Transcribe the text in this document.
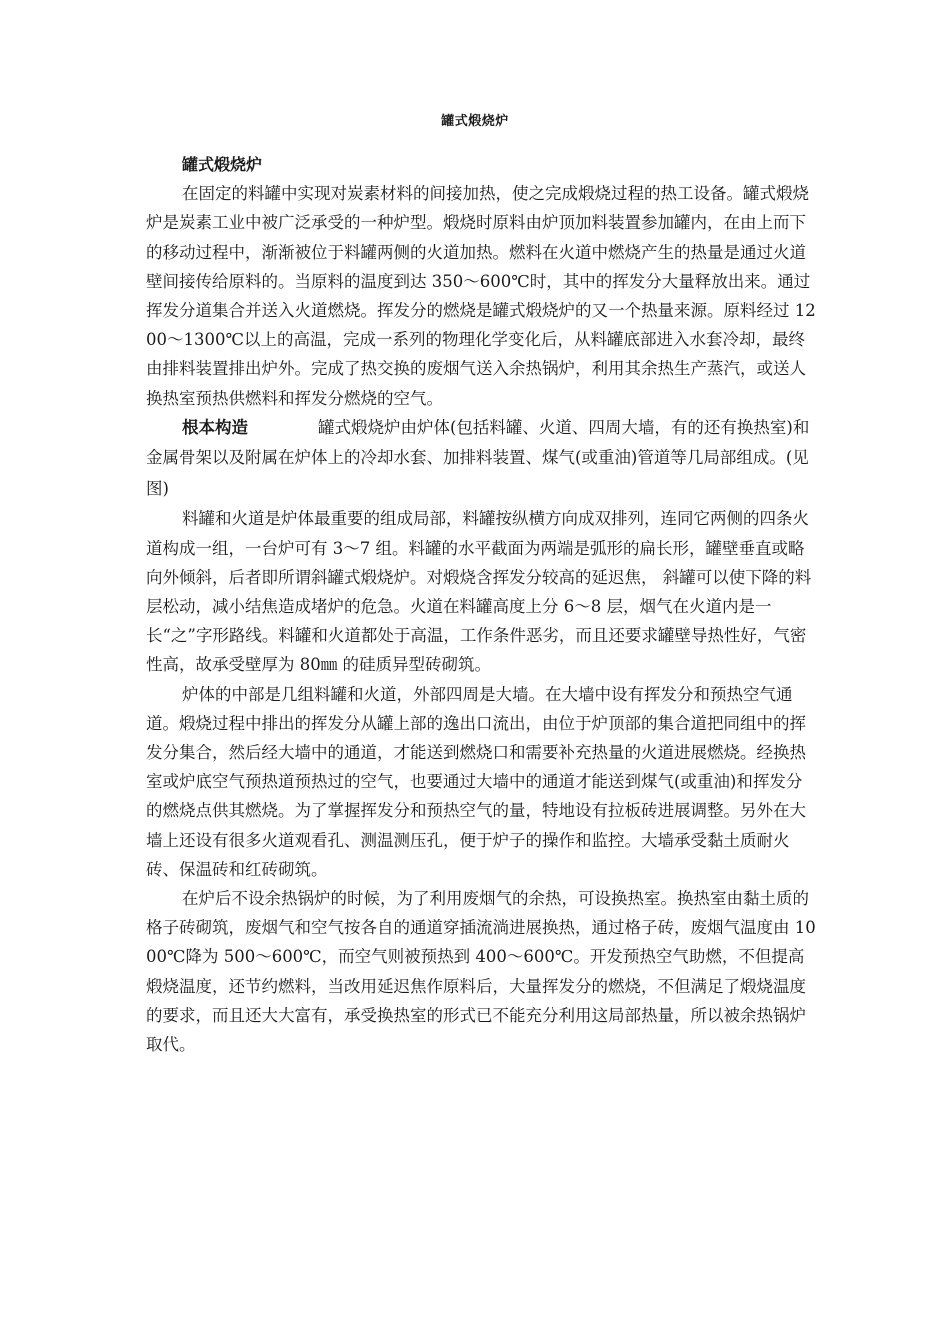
罐式煅烧炉

罐式煅烧炉

在固定的料罐中实现对炭素材料的间接加热，使之完成煅烧过程的热工设备。罐式煅烧炉是炭素工业中被广泛承受的一种炉型。煅烧时原料由炉顶加料装置参加罐内，在由上而下的移动过程中，渐渐被位于料罐两侧的火道加热。燃料在火道中燃烧产生的热量是通过火道壁间接传给原料的。当原料的温度到达 350～600℃时，其中的挥发分大量释放出来。通过挥发分道集合并送入火道燃烧。挥发分的燃烧是罐式煅烧炉的又一个热量来源。原料经过 1200～1300℃以上的高温，完成一系列的物理化学变化后，从料罐底部进入水套冷却，最终由排料装置排出炉外。完成了热交换的废烟气送入余热锅炉，利用其余热生产蒸汽，或送人换热室预热供燃料和挥发分燃烧的空气。

根本构造	罐式煅烧炉由炉体(包括料罐、火道、四周大墙，有的还有换热室)和金属骨架以及附属在炉体上的冷却水套、加排料装置、煤气(或重油)管道等几局部组成。(见图)

料罐和火道是炉体最重要的组成局部，料罐按纵横方向成双排列，连同它两侧的四条火道构成一组，一台炉可有 3～7 组。料罐的水平截面为两端是弧形的扁长形，罐壁垂直或略向外倾斜，后者即所谓斜罐式煅烧炉。对煅烧含挥发分较高的延迟焦， 斜罐可以使下降的料层松动，减小结焦造成堵炉的危急。火道在料罐高度上分 6～8 层，烟气在火道内是一长“之”字形路线。料罐和火道都处于高温，工作条件恶劣，而且还要求罐壁导热性好，气密性高，故承受壁厚为 80㎜ 的硅质异型砖砌筑。

炉体的中部是几组料罐和火道，外部四周是大墙。在大墙中设有挥发分和预热空气通道。煅烧过程中排出的挥发分从罐上部的逸出口流出，由位于炉顶部的集合道把同组中的挥发分集合，然后经大墙中的通道，才能送到燃烧口和需要补充热量的火道进展燃烧。经换热室或炉底空气预热道预热过的空气，也要通过大墙中的通道才能送到煤气(或重油)和挥发分的燃烧点供其燃烧。为了掌握挥发分和预热空气的量，特地设有拉板砖进展调整。另外在大墙上还设有很多火道观看孔、测温测压孔，便于炉子的操作和监控。大墙承受黏土质耐火砖、保温砖和红砖砌筑。

在炉后不设余热锅炉的时候，为了利用废烟气的余热，可设换热室。换热室由黏土质的格子砖砌筑，废烟气和空气按各自的通道穿插流淌进展换热，通过格子砖，废烟气温度由 1000℃降为 500～600℃，而空气则被预热到 400～600℃。开发预热空气助燃，不但提高煅烧温度，还节约燃料，当改用延迟焦作原料后，大量挥发分的燃烧，不但满足了煅烧温度的要求，而且还大大富有，承受换热室的形式已不能充分利用这局部热量，所以被余热锅炉取代。
